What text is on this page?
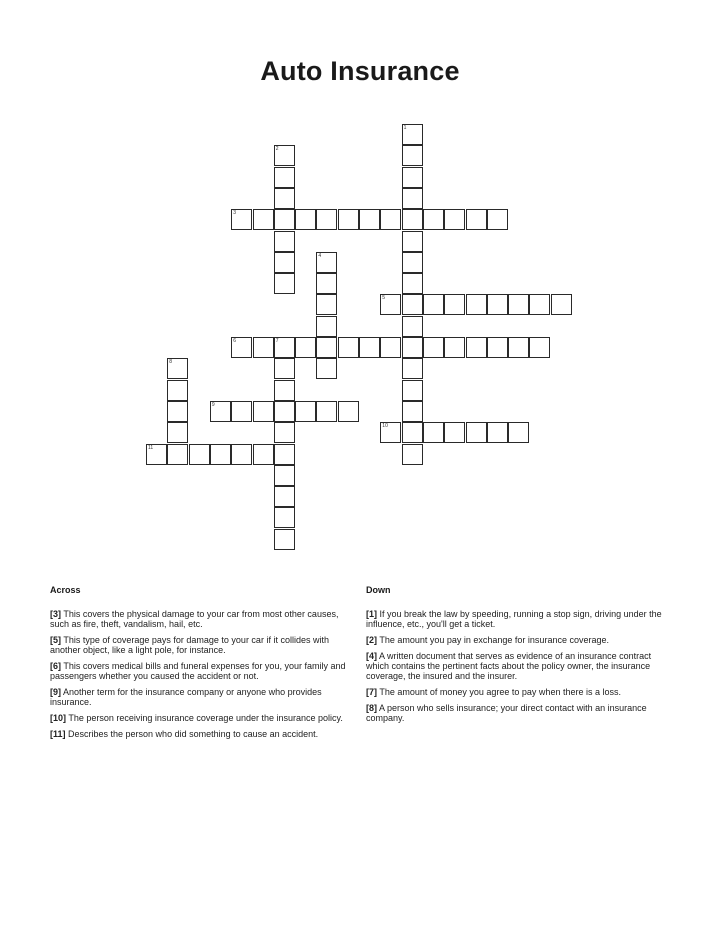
Auto Insurance
1
2
3
4
5
6	7
8
9
10
11
Across
[3] This covers the physical damage to your car from most other causes, such as fire, theft, vandalism, hail, etc.
[5] This type of coverage pays for damage to your car if it collides with another object, like a light pole, for instance.
[6] This covers medical bills and funeral expenses for you, your family and passengers whether you caused the accident or not.
[9] Another term for the insurance company or anyone who provides insurance.
[10] The person receiving insurance coverage under the insurance policy.
[11] Describes the person who did something to cause an accident.
Down
[1] If you break the law by speeding, running a stop sign, driving under the influence, etc., you'll get a ticket.
[2] The amount you pay in exchange for insurance coverage.
[4] A written document that serves as evidence of an insurance contract which contains the pertinent facts about the policy owner, the insurance coverage, the insured and the insurer.
[7] The amount of money you agree to pay when there is a loss.
[8] A person who sells insurance; your direct contact with an insurance company.
